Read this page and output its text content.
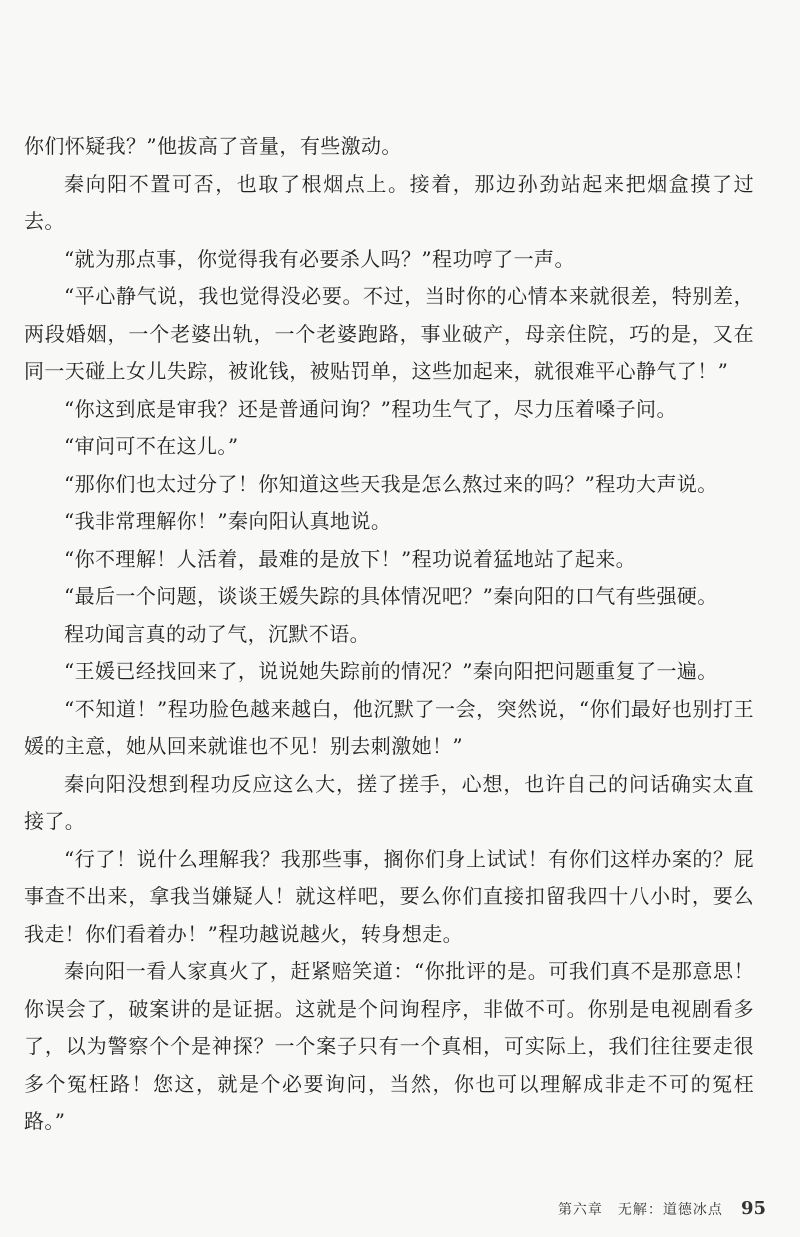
你们怀疑我？”他拔高了音量，有些激动。

秦向阳不置可否，也取了根烟点上。接着，那边孙劲站起来把烟盒摸了过去。

“就为那点事，你觉得我有必要杀人吗？”程功哼了一声。

“平心静气说，我也觉得没必要。不过，当时你的心情本来就很差，特别差，两段婚姻，一个老婆出轨，一个老婆跑路，事业破产，母亲住院，巧的是，又在同一天碰上女儿失踪，被讹钱，被贴罚单，这些加起来，就很难平心静气了！”

“你这到底是审我？还是普通问询？”程功生气了，尽力压着嗓子问。

“审问可不在这儿。”

“那你们也太过分了！你知道这些天我是怎么熬过来的吗？”程功大声说。

“我非常理解你！”秦向阳认真地说。

“你不理解！人活着，最难的是放下！”程功说着猛地站了起来。

“最后一个问题，谈谈王媛失踪的具体情况吧？”秦向阳的口气有些强硬。

程功闻言真的动了气，沉默不语。

“王媛已经找回来了，说说她失踪前的情况？”秦向阳把问题重复了一遍。

“不知道！”程功脸色越来越白，他沉默了一会，突然说，“你们最好也别打王媛的主意，她从回来就谁也不见！别去刺激她！”

秦向阳没想到程功反应这么大，搓了搓手，心想，也许自己的问话确实太直接了。

“行了！说什么理解我？我那些事，搁你们身上试试！有你们这样办案的？屁事查不出来，拿我当嫌疑人！就这样吧，要么你们直接扣留我四十八小时，要么我走！你们看着办！”程功越说越火，转身想走。

秦向阳一看人家真火了，赶紧赔笑道：“你批评的是。可我们真不是那意思！你误会了，破案讲的是证据。这就是个问询程序，非做不可。你别是电视剧看多了，以为警察个个是神探？一个案子只有一个真相，可实际上，我们往往要走很多个冤枉路！您这，就是个必要询问，当然，你也可以理解成非走不可的冤枉路。”

第六章　无解：道德冰点 95
